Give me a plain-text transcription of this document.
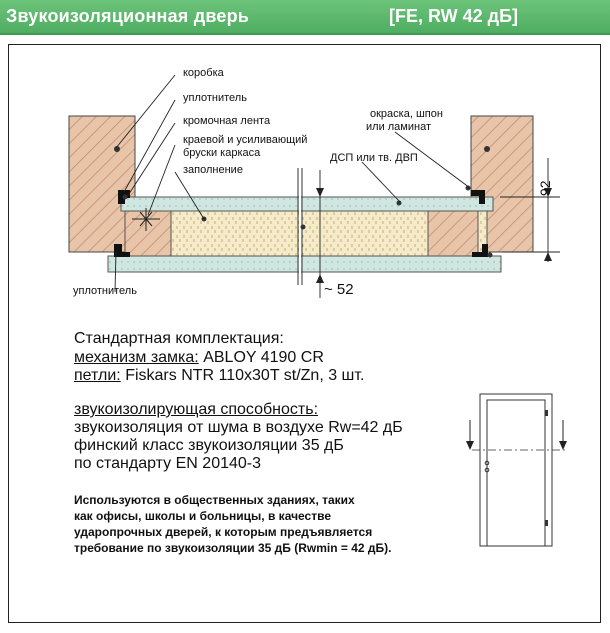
Звукоизоляционная дверь	[FE, RW 42 дБ]
коробка
уплотнитель
кромочная лента
краевой и усиливающий
бруски каркаса
заполнение
окраска, шпон
или ламинат
ДСП или тв. ДВП
уплотнитель
92
~ 52
Стандартная комплектация:
механизм замка: ABLOY 4190 CR
петли: Fiskars NTR 110x30T st/Zn, 3 шт.
звукоизолирующая способность:
звукоизоляция от шума в воздухе Rw=42 дБ
финский класс звукоизоляции 35 дБ
по стандарту EN 20140-3
Используются в общественных зданиях, таких
как офисы, школы и больницы, в качестве
ударопрочных дверей, к которым предъявляется
требование по звукоизоляции 35 дБ (Rwmin = 42 дБ).
